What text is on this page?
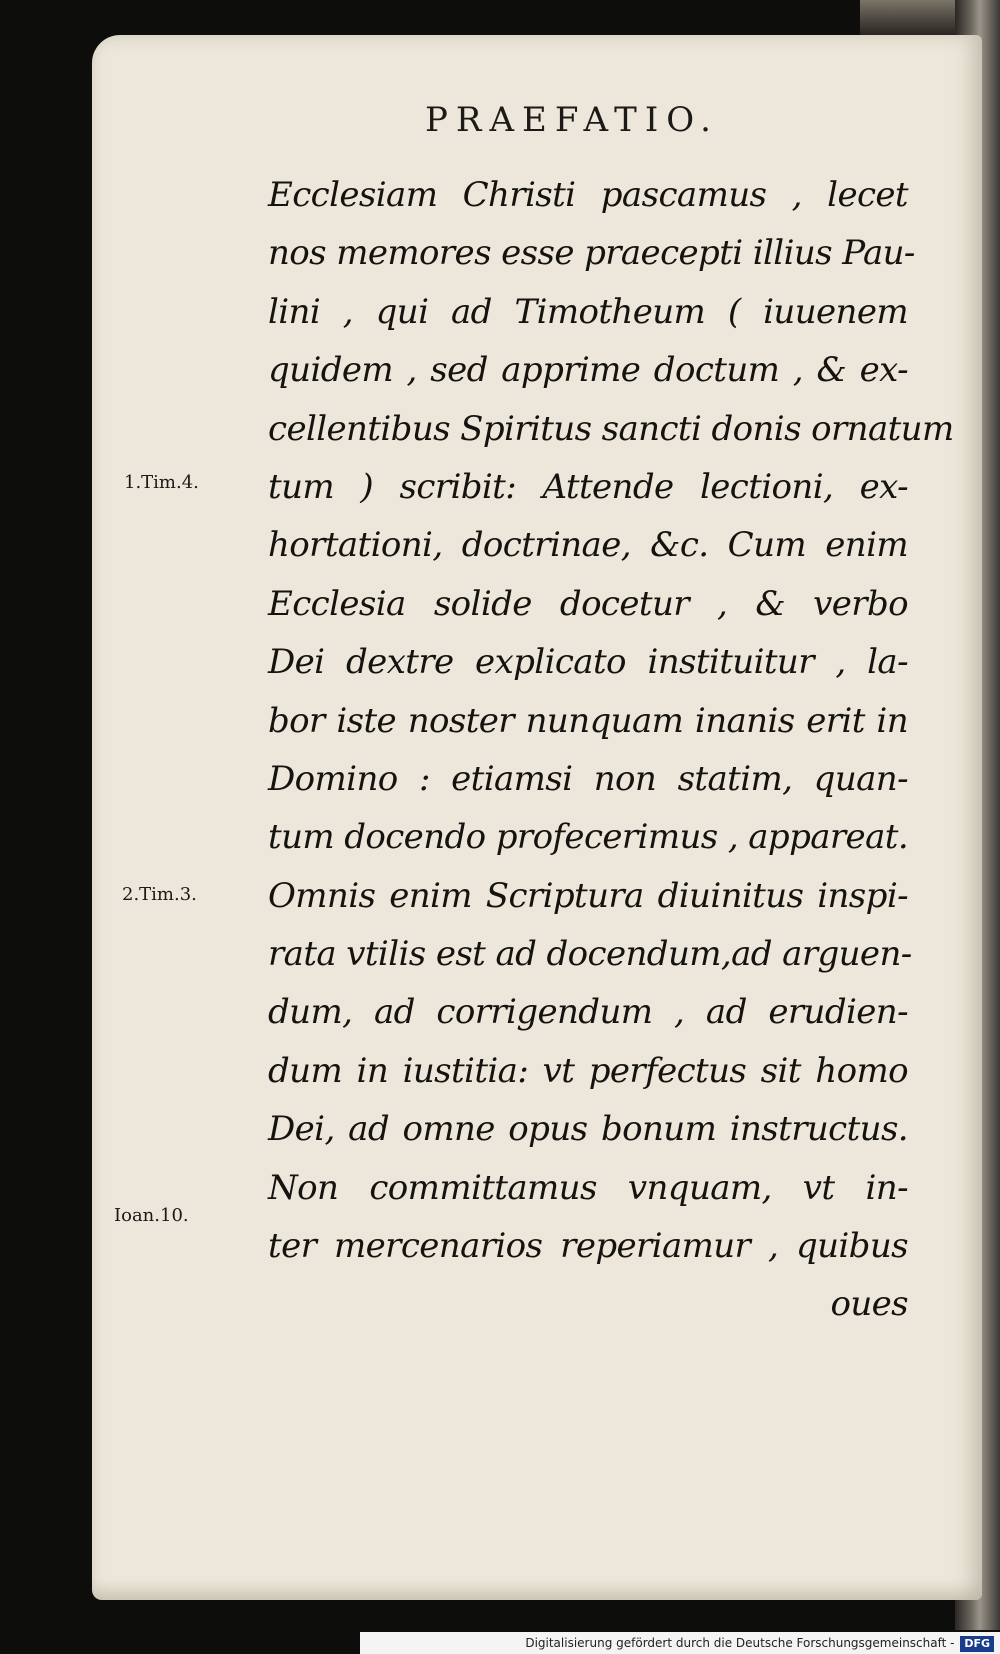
PRAEFATIO.
Ecclesiam Christi pascamus , lecet
nos memores esse praecepti illius Pau-
lini , qui ad Timotheum ( iuuenem
quidem , sed apprime doctum , & ex-
cellentibus Spiritus sancti donis ornatum
tum ) scribit: Attende lectioni, ex-
hortationi, doctrinae, &c. Cum enim
Ecclesia solide docetur , & verbo
Dei dextre explicato instituitur , la-
bor iste noster nunquam inanis erit in
Domino : etiamsi non statim, quan-
tum docendo profecerimus , appareat.
Omnis enim Scriptura diuinitus inspi-
rata vtilis est ad docendum,ad arguen-
dum, ad corrigendum , ad erudien-
dum in iustitia: vt perfectus sit homo
Dei, ad omne opus bonum instructus.
Non committamus vnquam, vt in-
ter mercenarios reperiamur , quibus
oues
1.Tim.4.
2.Tim.3.
Ioan.10.
Digitalisierung gefördert durch die Deutsche Forschungsgemeinschaft - DFG
